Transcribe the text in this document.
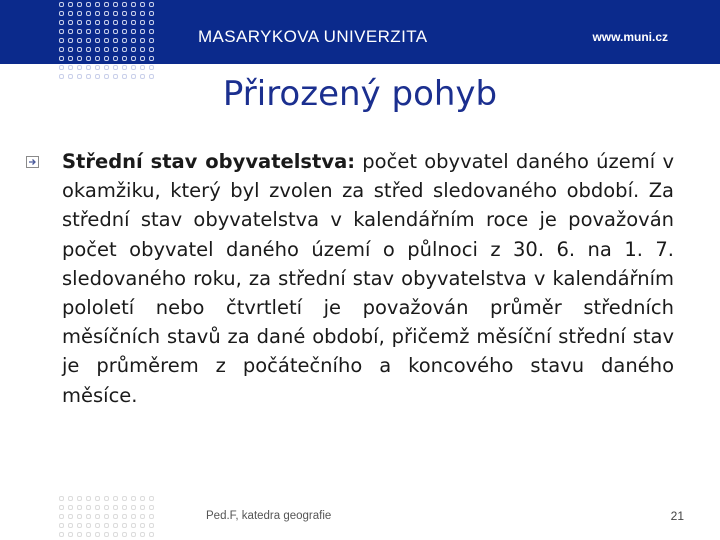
MASARYKOVA UNIVERZITA	www.muni.cz
Přirozený pohyb
Střední stav obyvatelstva: počet obyvatel daného území v okamžiku, který byl zvolen za střed sledovaného období. Za střední stav obyvatelstva v kalendářním roce je považován počet obyvatel daného území o půlnoci z 30. 6. na 1. 7. sledovaného roku, za střední stav obyvatelstva v kalendářním pololetí nebo čtvrtletí je považován průměr středních měsíčních stavů za dané období, přičemž měsíční střední stav je průměrem z počátečního a koncového stavu daného měsíce.
Ped.F, katedra geografie	21
